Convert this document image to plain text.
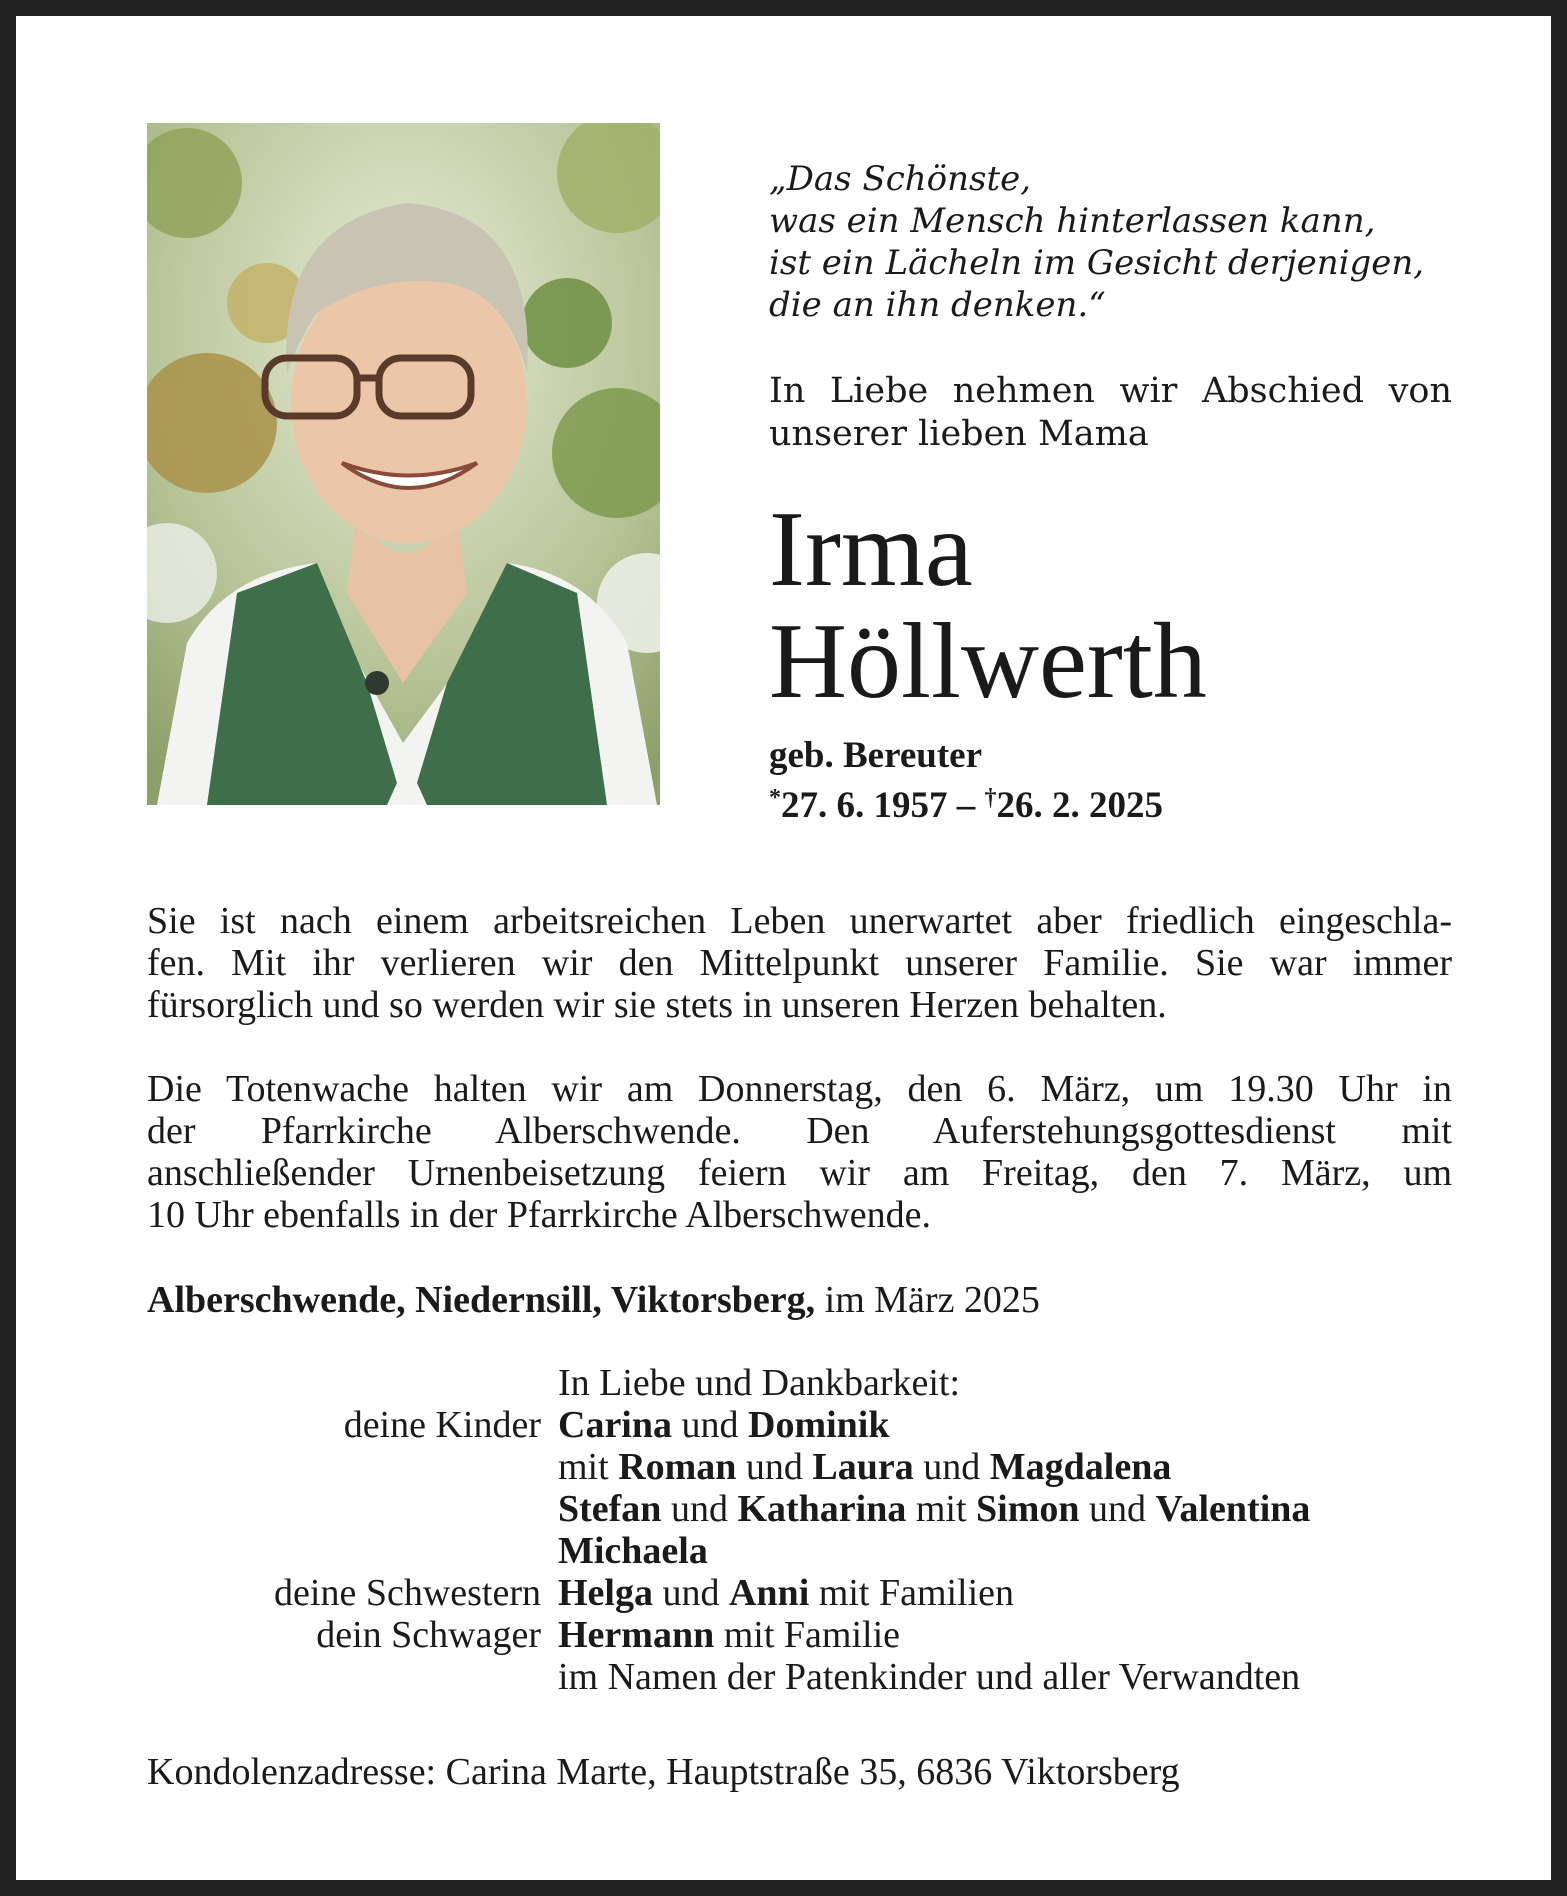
„Das Schönste,
was ein Mensch hinterlassen kann,
ist ein Lächeln im Gesicht derjenigen,
die an ihn denken.“
In Liebe nehmen wir Abschied von
unserer lieben Mama
Irma
Höllwerth
geb. Bereuter
*27. 6. 1957 – †26. 2. 2025
Sie ist nach einem arbeitsreichen Leben unerwartet aber friedlich eingeschla-
fen. Mit ihr verlieren wir den Mittelpunkt unserer Familie. Sie war immer
fürsorglich und so werden wir sie stets in unseren Herzen behalten.
Die Totenwache halten wir am Donnerstag, den 6. März, um 19.30 Uhr in
der Pfarrkirche Alberschwende. Den Auferstehungsgottesdienst mit
anschließender Urnenbeisetzung feiern wir am Freitag, den 7. März, um
10 Uhr ebenfalls in der Pfarrkirche Alberschwende.
Alberschwende, Niedernsill, Viktorsberg, im März 2025
In Liebe und Dankbarkeit:
deine Kinder Carina und Dominik
mit Roman und Laura und Magdalena
Stefan und Katharina mit Simon und Valentina
Michaela
deine Schwestern Helga und Anni mit Familien
dein Schwager Hermann mit Familie
im Namen der Patenkinder und aller Verwandten
Kondolenzadresse: Carina Marte, Hauptstraße 35, 6836 Viktorsberg
